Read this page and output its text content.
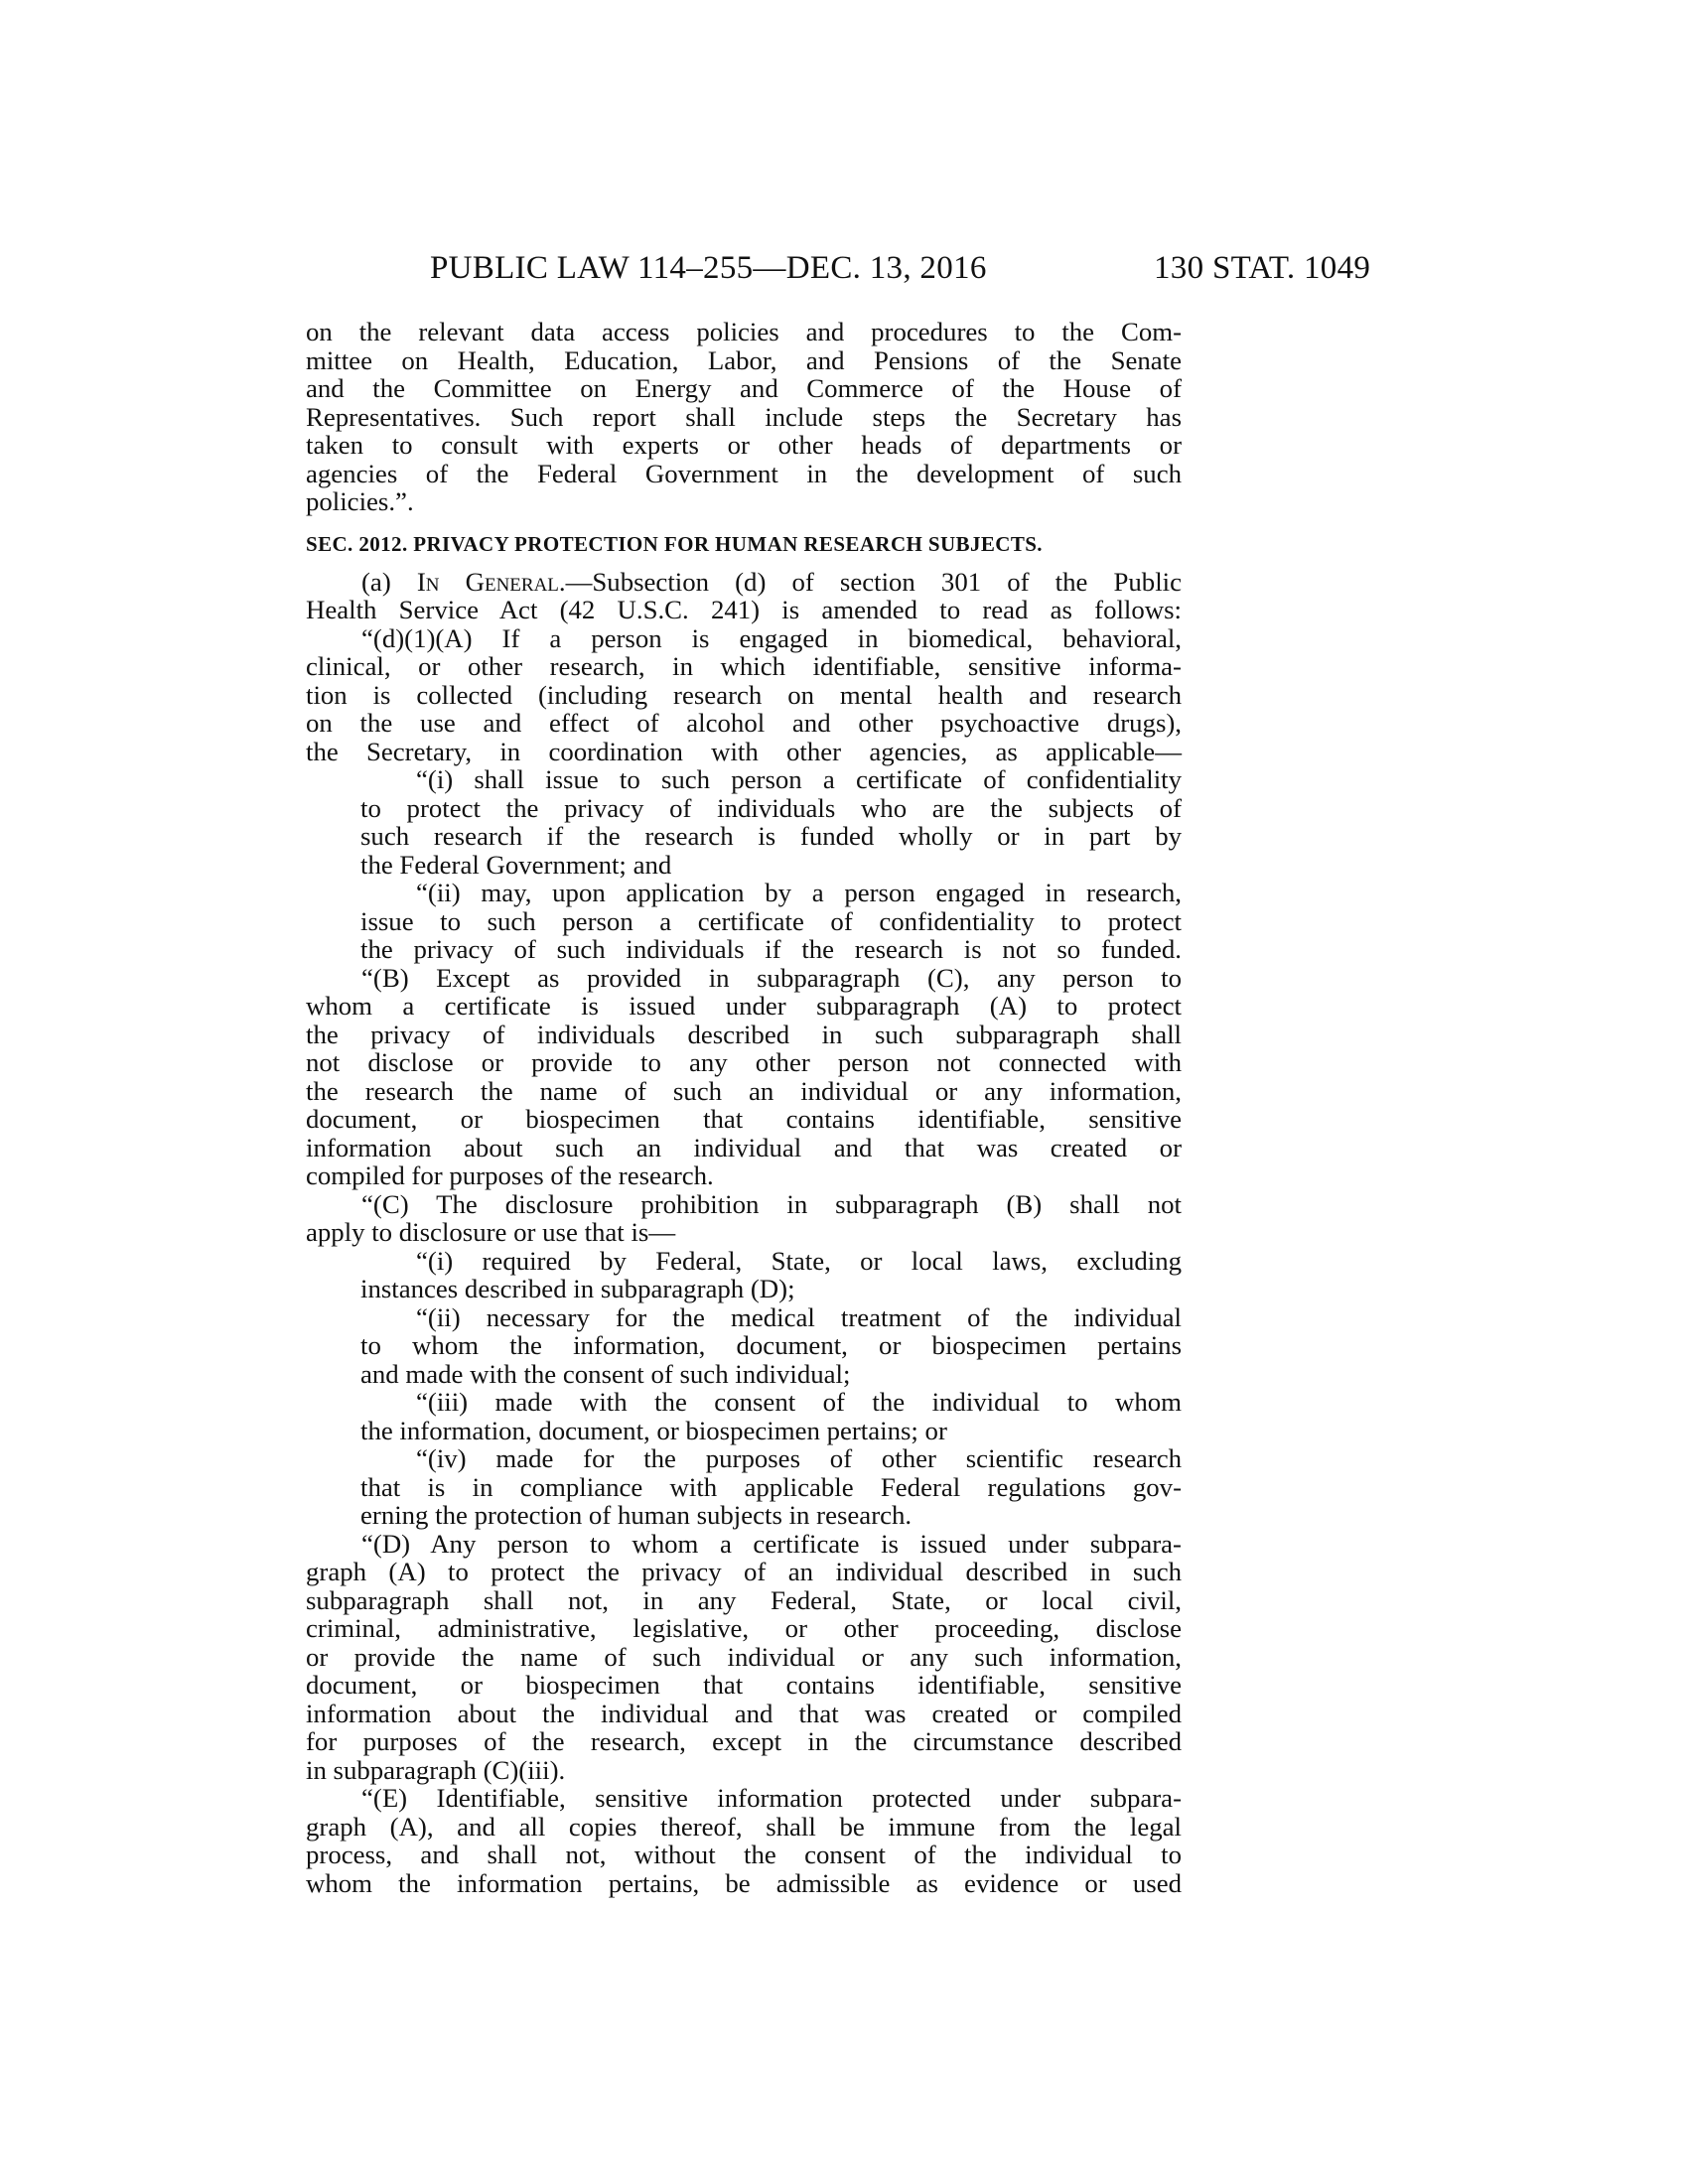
PUBLIC LAW 114–255—DEC. 13, 2016	130 STAT. 1049
on the relevant data access policies and procedures to the Com-
mittee on Health, Education, Labor, and Pensions of the Senate
and the Committee on Energy and Commerce of the House of
Representatives. Such report shall include steps the Secretary has
taken to consult with experts or other heads of departments or
agencies of the Federal Government in the development of such
policies.”.
SEC. 2012. PRIVACY PROTECTION FOR HUMAN RESEARCH SUBJECTS.
(a) In General.—Subsection (d) of section 301 of the Public
Health Service Act (42 U.S.C. 241) is amended to read as follows:
“(d)(1)(A) If a person is engaged in biomedical, behavioral,
clinical, or other research, in which identifiable, sensitive informa-
tion is collected (including research on mental health and research
on the use and effect of alcohol and other psychoactive drugs),
the Secretary, in coordination with other agencies, as applicable—
“(i) shall issue to such person a certificate of confidentiality
to protect the privacy of individuals who are the subjects of
such research if the research is funded wholly or in part by
the Federal Government; and
“(ii) may, upon application by a person engaged in research,
issue to such person a certificate of confidentiality to protect
the privacy of such individuals if the research is not so funded.
“(B) Except as provided in subparagraph (C), any person to
whom a certificate is issued under subparagraph (A) to protect
the privacy of individuals described in such subparagraph shall
not disclose or provide to any other person not connected with
the research the name of such an individual or any information,
document, or biospecimen that contains identifiable, sensitive
information about such an individual and that was created or
compiled for purposes of the research.
“(C) The disclosure prohibition in subparagraph (B) shall not
apply to disclosure or use that is—
“(i) required by Federal, State, or local laws, excluding
instances described in subparagraph (D);
“(ii) necessary for the medical treatment of the individual
to whom the information, document, or biospecimen pertains
and made with the consent of such individual;
“(iii) made with the consent of the individual to whom
the information, document, or biospecimen pertains; or
“(iv) made for the purposes of other scientific research
that is in compliance with applicable Federal regulations gov-
erning the protection of human subjects in research.
“(D) Any person to whom a certificate is issued under subpara-
graph (A) to protect the privacy of an individual described in such
subparagraph shall not, in any Federal, State, or local civil,
criminal, administrative, legislative, or other proceeding, disclose
or provide the name of such individual or any such information,
document, or biospecimen that contains identifiable, sensitive
information about the individual and that was created or compiled
for purposes of the research, except in the circumstance described
in subparagraph (C)(iii).
“(E) Identifiable, sensitive information protected under subpara-
graph (A), and all copies thereof, shall be immune from the legal
process, and shall not, without the consent of the individual to
whom the information pertains, be admissible as evidence or used
